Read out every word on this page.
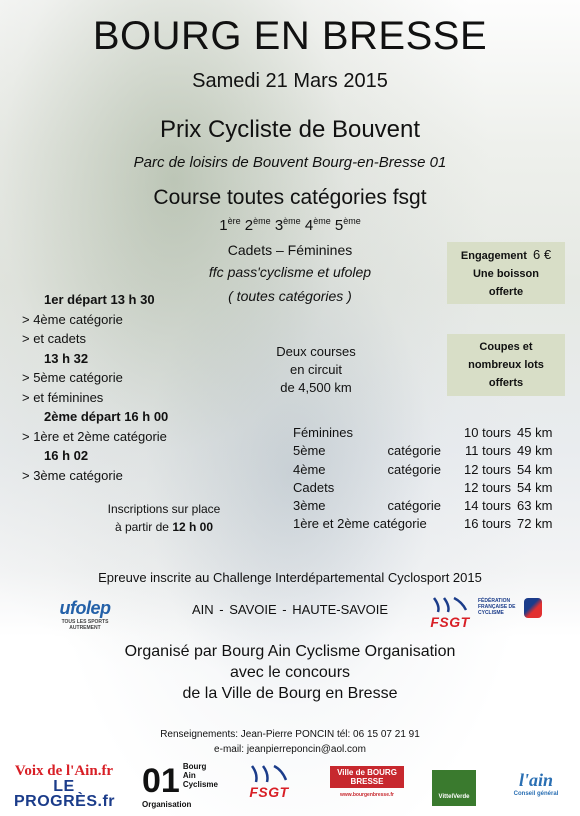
BOURG EN BRESSE
Samedi 21 Mars 2015
Prix Cycliste de Bouvent
Parc de loisirs de Bouvent Bourg-en-Bresse 01
Course toutes catégories fsgt
1ère 2ème 3ème 4ème 5ème
Cadets – Féminines
ffc pass'cyclisme et ufolep
( toutes catégories )
Engagement 6 €
Une boisson
offerte
Coupes et
nombreux lots
offerts
1er départ 13 h 30
> 4ème catégorie
> et cadets
13 h 32
> 5ème catégorie
> et féminines
2ème départ 16 h 00
> 1ère et 2ème catégorie
16 h 02
> 3ème catégorie
Deux courses
en circuit
de 4,500 km
Féminines	10 tours	45 km
5ème catégorie	11 tours	49 km
4ème catégorie	12 tours	54 km
Cadets	12 tours	54 km
3ème catégorie	14 tours	63 km
1ère et 2ème catégorie	16 tours	72 km
Inscriptions sur place
à partir de 12 h 00
Epreuve inscrite au Challenge Interdépartemental Cyclosport 2015
AIN - SAVOIE - HAUTE-SAVOIE
ufolep
TOUS LES SPORTS AUTREMENT	FSGT
FÉDÉRATION FRANÇAISE DE CYCLISME
Organisé par Bourg Ain Cyclisme Organisation
avec le concours
de la Ville de Bourg en Bresse
Renseignements: Jean-Pierre PONCIN tél: 06 15 07 21 91
e-mail: jeanpierreponcin@aol.com
Voix de l'Ain.fr
LE PROGRÈS.fr
01 Bourg
Ain
Cyclisme
Organisation
FSGT
Ville de BOURG BRESSE
www.bourgenbresse.fr	VittelVerde
l'ain
Conseil général
